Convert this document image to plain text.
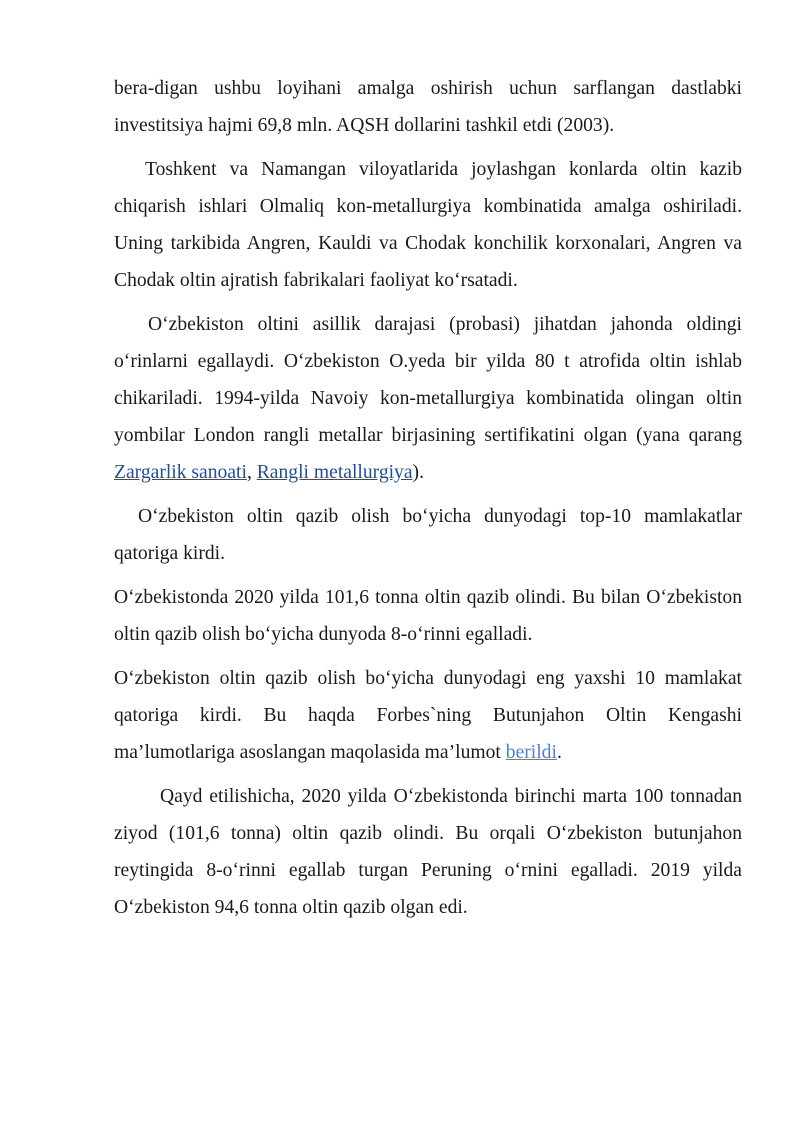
bera-digan ushbu loyihani amalga oshirish uchun sarflangan dastlabki investitsiya hajmi 69,8 mln. AQSH dollarini tashkil etdi (2003).

Toshkent va Namangan viloyatlarida joylashgan konlarda oltin kazib chiqarish ishlari Olmaliq kon-metallurgiya kombinatida amalga oshiriladi. Uning tarkibida Angren, Kauldi va Chodak konchilik korxonalari, Angren va Chodak oltin ajratish fabrikalari faoliyat ko‘rsatadi.

O‘zbekiston oltini asillik darajasi (probasi) jihatdan jahonda oldingi o‘rinlarni egallaydi. O‘zbekiston O.yeda bir yilda 80 t atrofida oltin ishlab chikariladi. 1994-yilda Navoiy kon-metallurgiya kombinatida olingan oltin yombilar London rangli metallar birjasining sertifikatini olgan (yana qarang Zargarlik sanoati, Rangli metallurgiya).

O‘zbekiston oltin qazib olish bo‘yicha dunyodagi top-10 mamlakatlar qatoriga kirdi.

O‘zbekistonda 2020 yilda 101,6 tonna oltin qazib olindi. Bu bilan O‘zbekiston oltin qazib olish bo‘yicha dunyoda 8-o‘rinni egalladi.

O‘zbekiston oltin qazib olish bo‘yicha dunyodagi eng yaxshi 10 mamlakat qatoriga kirdi. Bu haqda Forbes`ning Butunjahon Oltin Kengashi ma’lumotlariga asoslangan maqolasida ma’lumot berildi.

Qayd etilishicha, 2020 yilda O‘zbekistonda birinchi marta 100 tonnadan ziyod (101,6 tonna) oltin qazib olindi. Bu orqali O‘zbekiston butunjahon reytingida 8-o‘rinni egallab turgan Peruning o‘rnini egalladi. 2019 yilda O‘zbekiston 94,6 tonna oltin qazib olgan edi.
